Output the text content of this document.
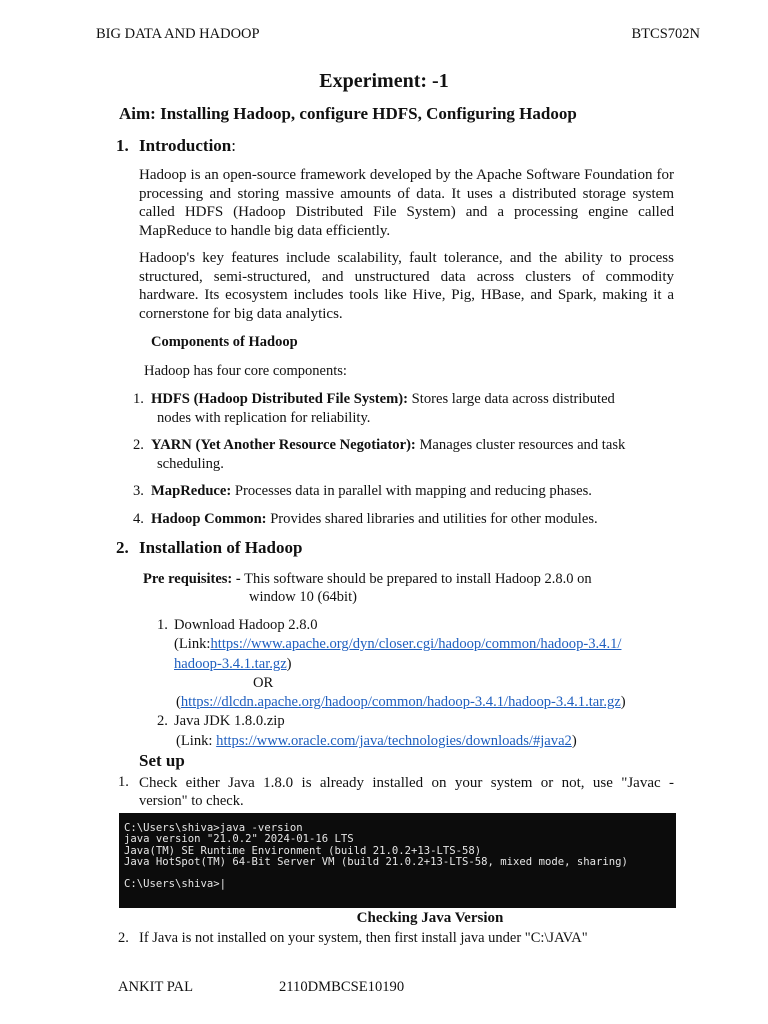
BIG DATA AND HADOOP	BTCS702N
Experiment: -1
Aim: Installing Hadoop, configure HDFS, Configuring Hadoop
1. Introduction:
Hadoop is an open-source framework developed by the Apache Software Foundation for processing and storing massive amounts of data. It uses a distributed storage system called HDFS (Hadoop Distributed File System) and a processing engine called MapReduce to handle big data efficiently.
Hadoop's key features include scalability, fault tolerance, and the ability to process structured, semi-structured, and unstructured data across clusters of commodity hardware. Its ecosystem includes tools like Hive, Pig, HBase, and Spark, making it a cornerstone for big data analytics.
Components of Hadoop
Hadoop has four core components:
1. HDFS (Hadoop Distributed File System): Stores large data across distributed
nodes with replication for reliability.
2. YARN (Yet Another Resource Negotiator): Manages cluster resources and task
scheduling.
3. MapReduce: Processes data in parallel with mapping and reducing phases.
4. Hadoop Common: Provides shared libraries and utilities for other modules.
2. Installation of Hadoop
Pre requisites: - This software should be prepared to install Hadoop 2.8.0 on
window 10 (64bit)
1. Download Hadoop 2.8.0
(Link:https://www.apache.org/dyn/closer.cgi/hadoop/common/hadoop-3.4.1/
hadoop-3.4.1.tar.gz)
OR
(https://dlcdn.apache.org/hadoop/common/hadoop-3.4.1/hadoop-3.4.1.tar.gz)
2. Java JDK 1.8.0.zip
(Link: https://www.oracle.com/java/technologies/downloads/#java2)
Set up
1. Check either Java 1.8.0 is already installed on your system or not, use "Javac -
version" to check.
C:\Users\shiva>java -version
java version "21.0.2" 2024-01-16 LTS
Java(TM) SE Runtime Environment (build 21.0.2+13-LTS-58)
Java HotSpot(TM) 64-Bit Server VM (build 21.0.2+13-LTS-58, mixed mode, sharing)
C:\Users\shiva>|
Checking Java Version
2. If Java is not installed on your system, then first install java under "C:\JAVA"
ANKIT PAL	2110DMBCSE10190
